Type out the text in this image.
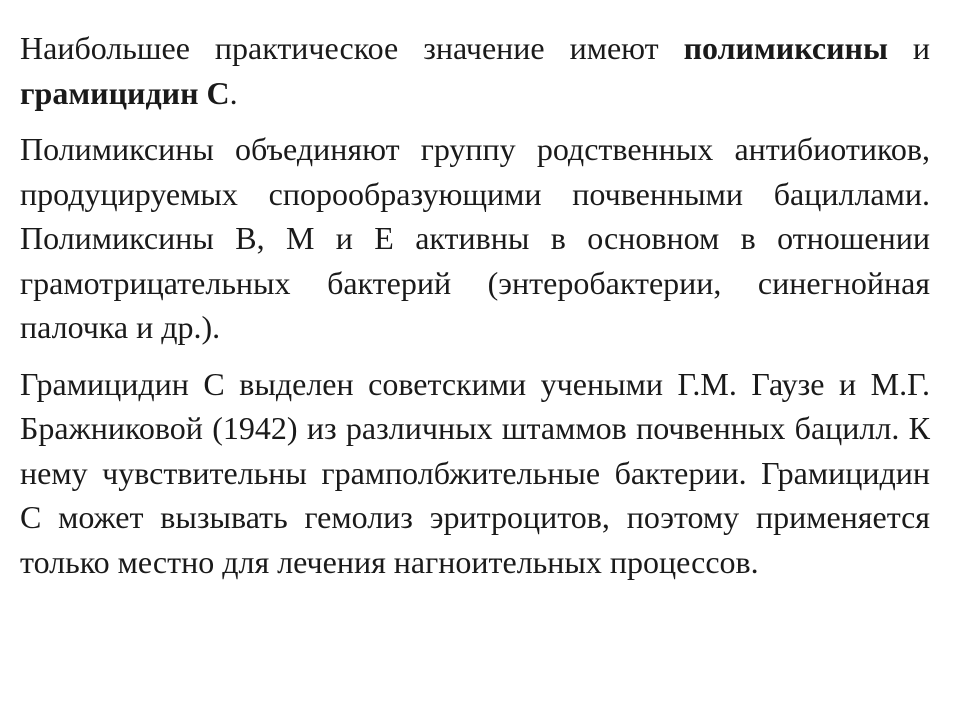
Наибольшее практическое значение имеют полимиксины и грамицидин С.

Полимиксины объединяют группу родственных антибиотиков, продуцируемых спорообразующими почвенными бациллами. Полимиксины В, М и Е активны в основном в отношении грамотрицательных бактерий (энтеробактерии, синегнойная палочка и др.).

Грамицидин С выделен советскими учеными Г.М. Гаузе и М.Г. Бражниковой (1942) из различных штаммов почвенных бацилл. К нему чувствительны грамполбжительные бактерии. Грамицидин С может вызывать гемолиз эритроцитов, поэтому применяется только местно для лечения нагноительных процессов.
